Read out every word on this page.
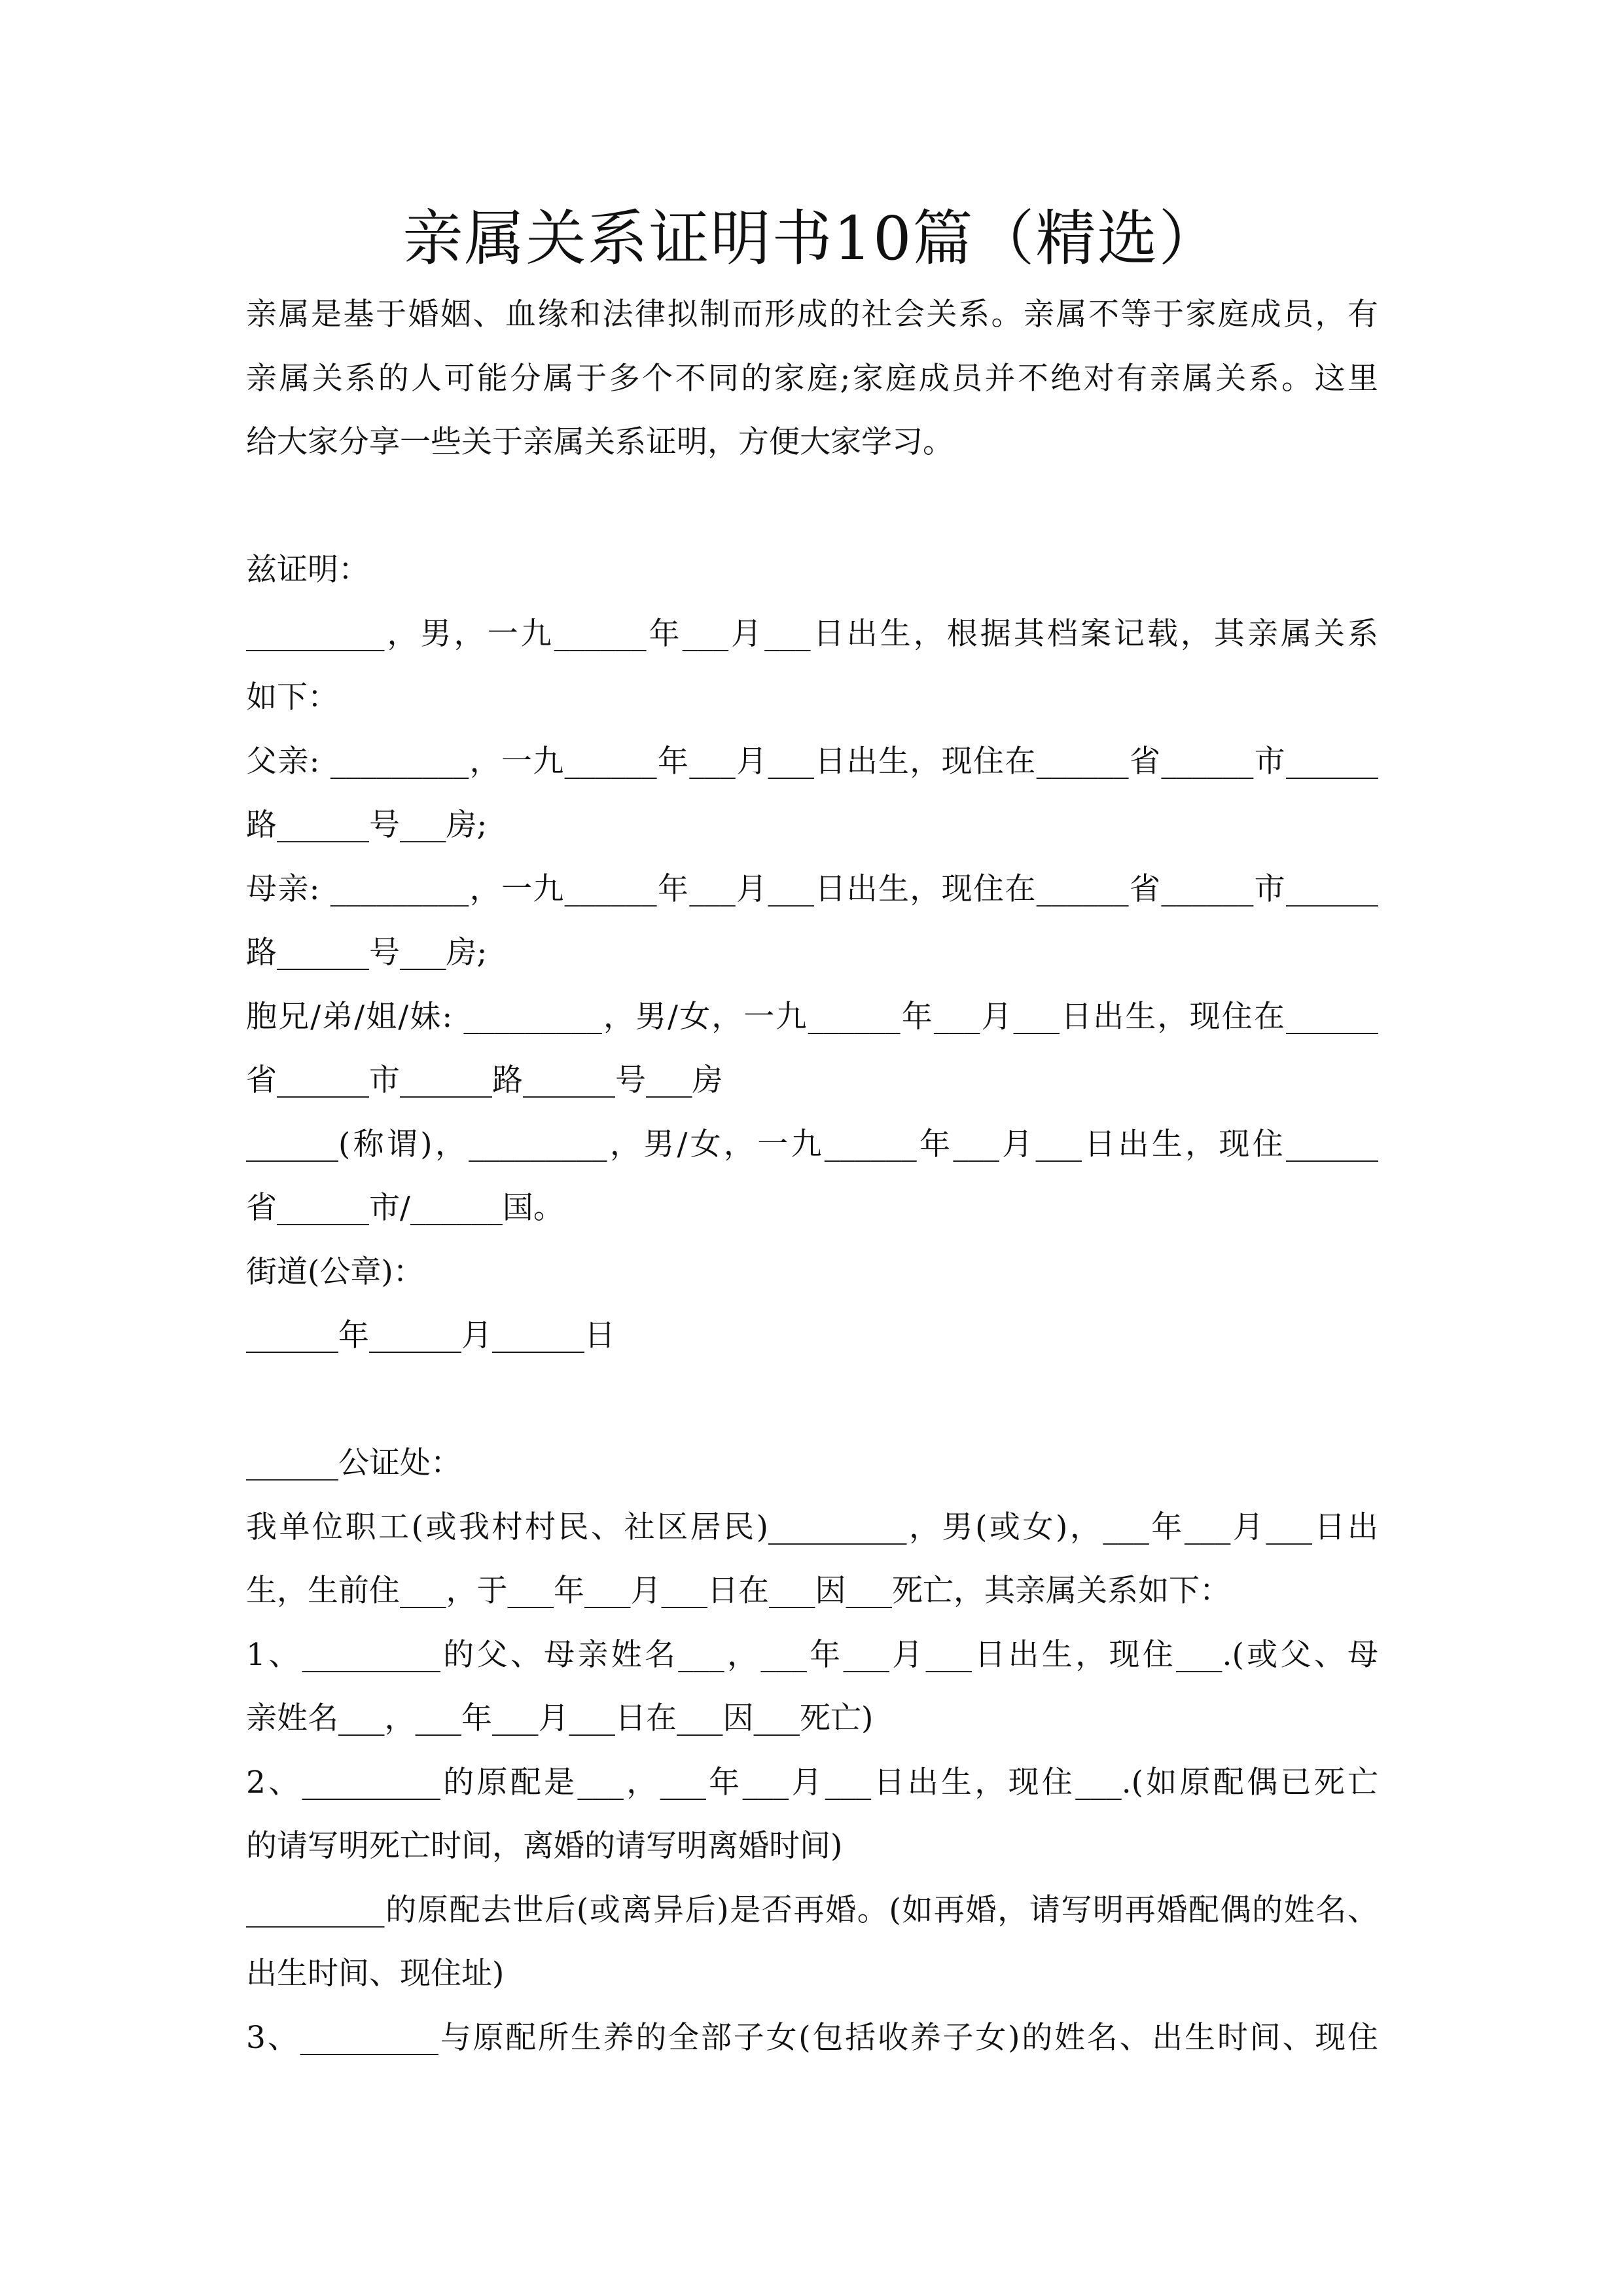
亲属关系证明书10篇（精选）
亲属是基于婚姻、血缘和法律拟制而形成的社会关系。亲属不等于家庭成员，有
亲属关系的人可能分属于多个不同的家庭;家庭成员并不绝对有亲属关系。这里
给大家分享一些关于亲属关系证明，方便大家学习。
兹证明：
_________，男，一九______年___月___日出生，根据其档案记载，其亲属关系
如下：
父亲: _________，一九______年___月___日出生，现住在______省______市______
路______号___房;
母亲: _________，一九______年___月___日出生，现住在______省______市______
路______号___房;
胞兄/弟/姐/妹: _________，男/女，一九______年___月___日出生，现住在______
省______市______路______号___房
______(称谓)，_________，男/女，一九______年___月___日出生，现住______
省______市/______国。
街道(公章)：
______年______月______日
______公证处：
我单位职工(或我村村民、社区居民)_________，男(或女)，___年___月___日出
生，生前住___，于___年___月___日在___因___死亡，其亲属关系如下：
1、_________的父、母亲姓名___，___年___月___日出生，现住___.(或父、母
亲姓名___，___年___月___日在___因___死亡)
2、_________的原配是___，___年___月___日出生，现住___.(如原配偶已死亡
的请写明死亡时间，离婚的请写明离婚时间)
_________的原配去世后(或离异后)是否再婚。(如再婚，请写明再婚配偶的姓名、
出生时间、现住址)
3、_________与原配所生养的全部子女(包括收养子女)的姓名、出生时间、现住
